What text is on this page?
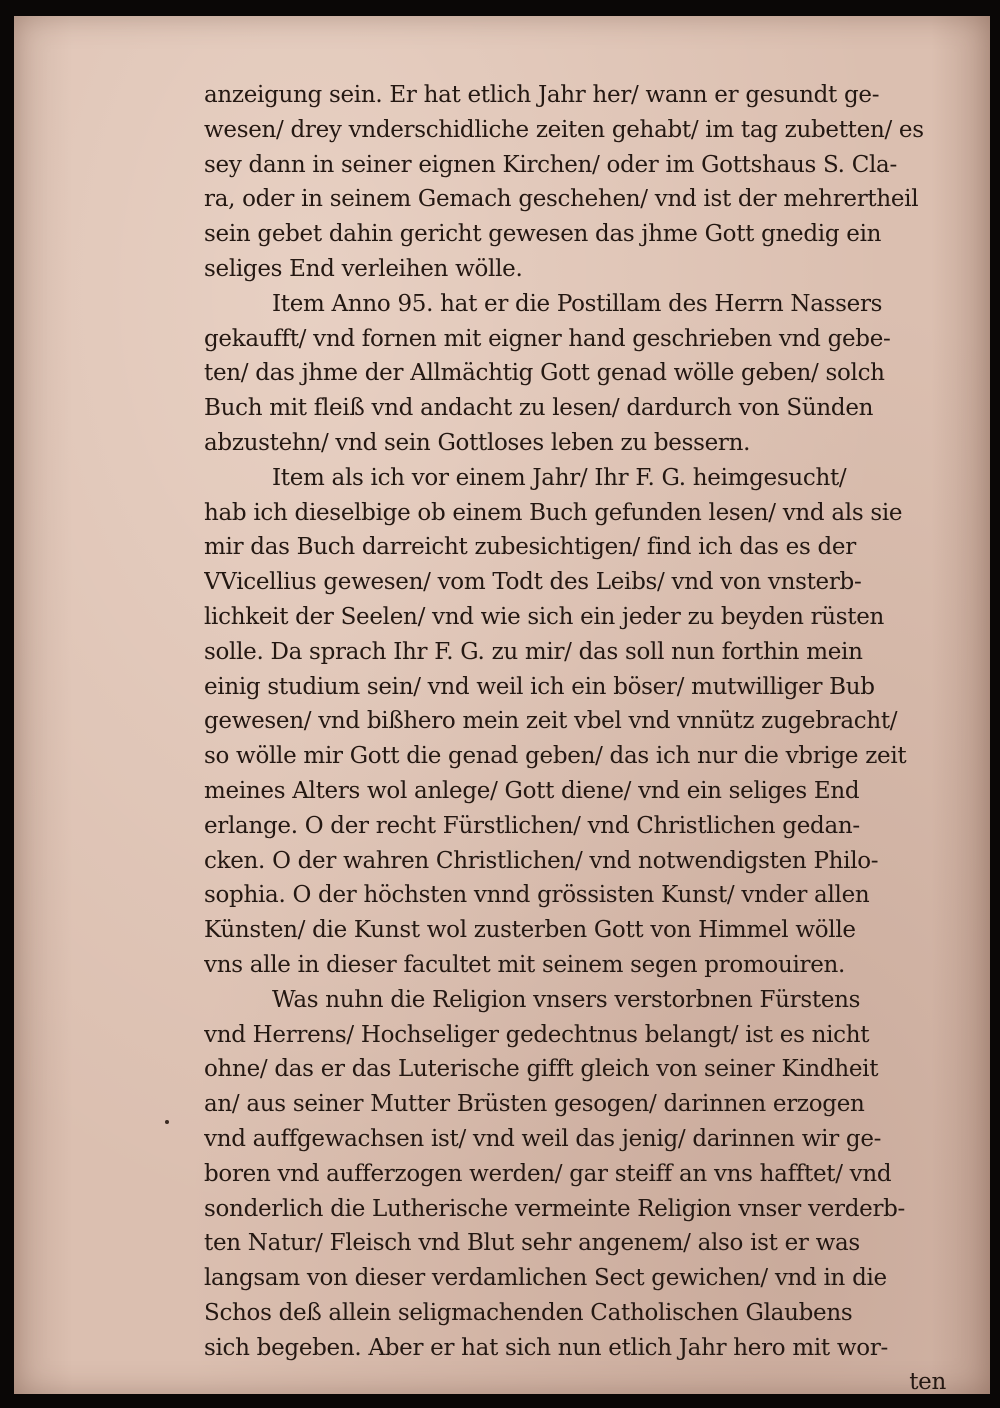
anzeigung sein. Er hat etlich Jahr her/ wann er gesundt ge-
wesen/ drey vnderschidliche zeiten gehabt/ im tag zubetten/ es
sey dann in seiner eignen Kirchen/ oder im Gottshaus S. Cla-
ra, oder in seinem Gemach geschehen/ vnd ist der mehrertheil
sein gebet dahin gericht gewesen das jhme Gott gnedig ein
seliges End verleihen wölle.
Item Anno 95. hat er die Postillam des Herrn Nassers
gekaufft/ vnd fornen mit eigner hand geschrieben vnd gebe-
ten/ das jhme der Allmächtig Gott genad wölle geben/ solch
Buch mit fleiß vnd andacht zu lesen/ dardurch von Sünden
abzustehn/ vnd sein Gottloses leben zu bessern.
Item als ich vor einem Jahr/ Ihr F. G. heimgesucht/
hab ich dieselbige ob einem Buch gefunden lesen/ vnd als sie
mir das Buch darreicht zubesichtigen/ find ich das es der
VVicellius gewesen/ vom Todt des Leibs/ vnd von vnsterb-
lichkeit der Seelen/ vnd wie sich ein jeder zu beyden rüsten
solle. Da sprach Ihr F. G. zu mir/ das soll nun forthin mein
einig studium sein/ vnd weil ich ein böser/ mutwilliger Bub
gewesen/ vnd bißhero mein zeit vbel vnd vnnütz zugebracht/
so wölle mir Gott die genad geben/ das ich nur die vbrige zeit
meines Alters wol anlege/ Gott diene/ vnd ein seliges End
erlange. O der recht Fürstlichen/ vnd Christlichen gedan-
cken. O der wahren Christlichen/ vnd notwendigsten Philo-
sophia. O der höchsten vnnd grössisten Kunst/ vnder allen
Künsten/ die Kunst wol zusterben Gott von Himmel wölle
vns alle in dieser facultet mit seinem segen promouiren.
Was nuhn die Religion vnsers verstorbnen Fürstens
vnd Herrens/ Hochseliger gedechtnus belangt/ ist es nicht
ohne/ das er das Luterische gifft gleich von seiner Kindheit
an/ aus seiner Mutter Brüsten gesogen/ darinnen erzogen
vnd auffgewachsen ist/ vnd weil das jenig/ darinnen wir ge-
boren vnd aufferzogen werden/ gar steiff an vns hafftet/ vnd
sonderlich die Lutherische vermeinte Religion vnser verderb-
ten Natur/ Fleisch vnd Blut sehr angenem/ also ist er was
langsam von dieser verdamlichen Sect gewichen/ vnd in die
Schos deß allein seligmachenden Catholischen Glaubens
sich begeben. Aber er hat sich nun etlich Jahr hero mit wor-
ten
